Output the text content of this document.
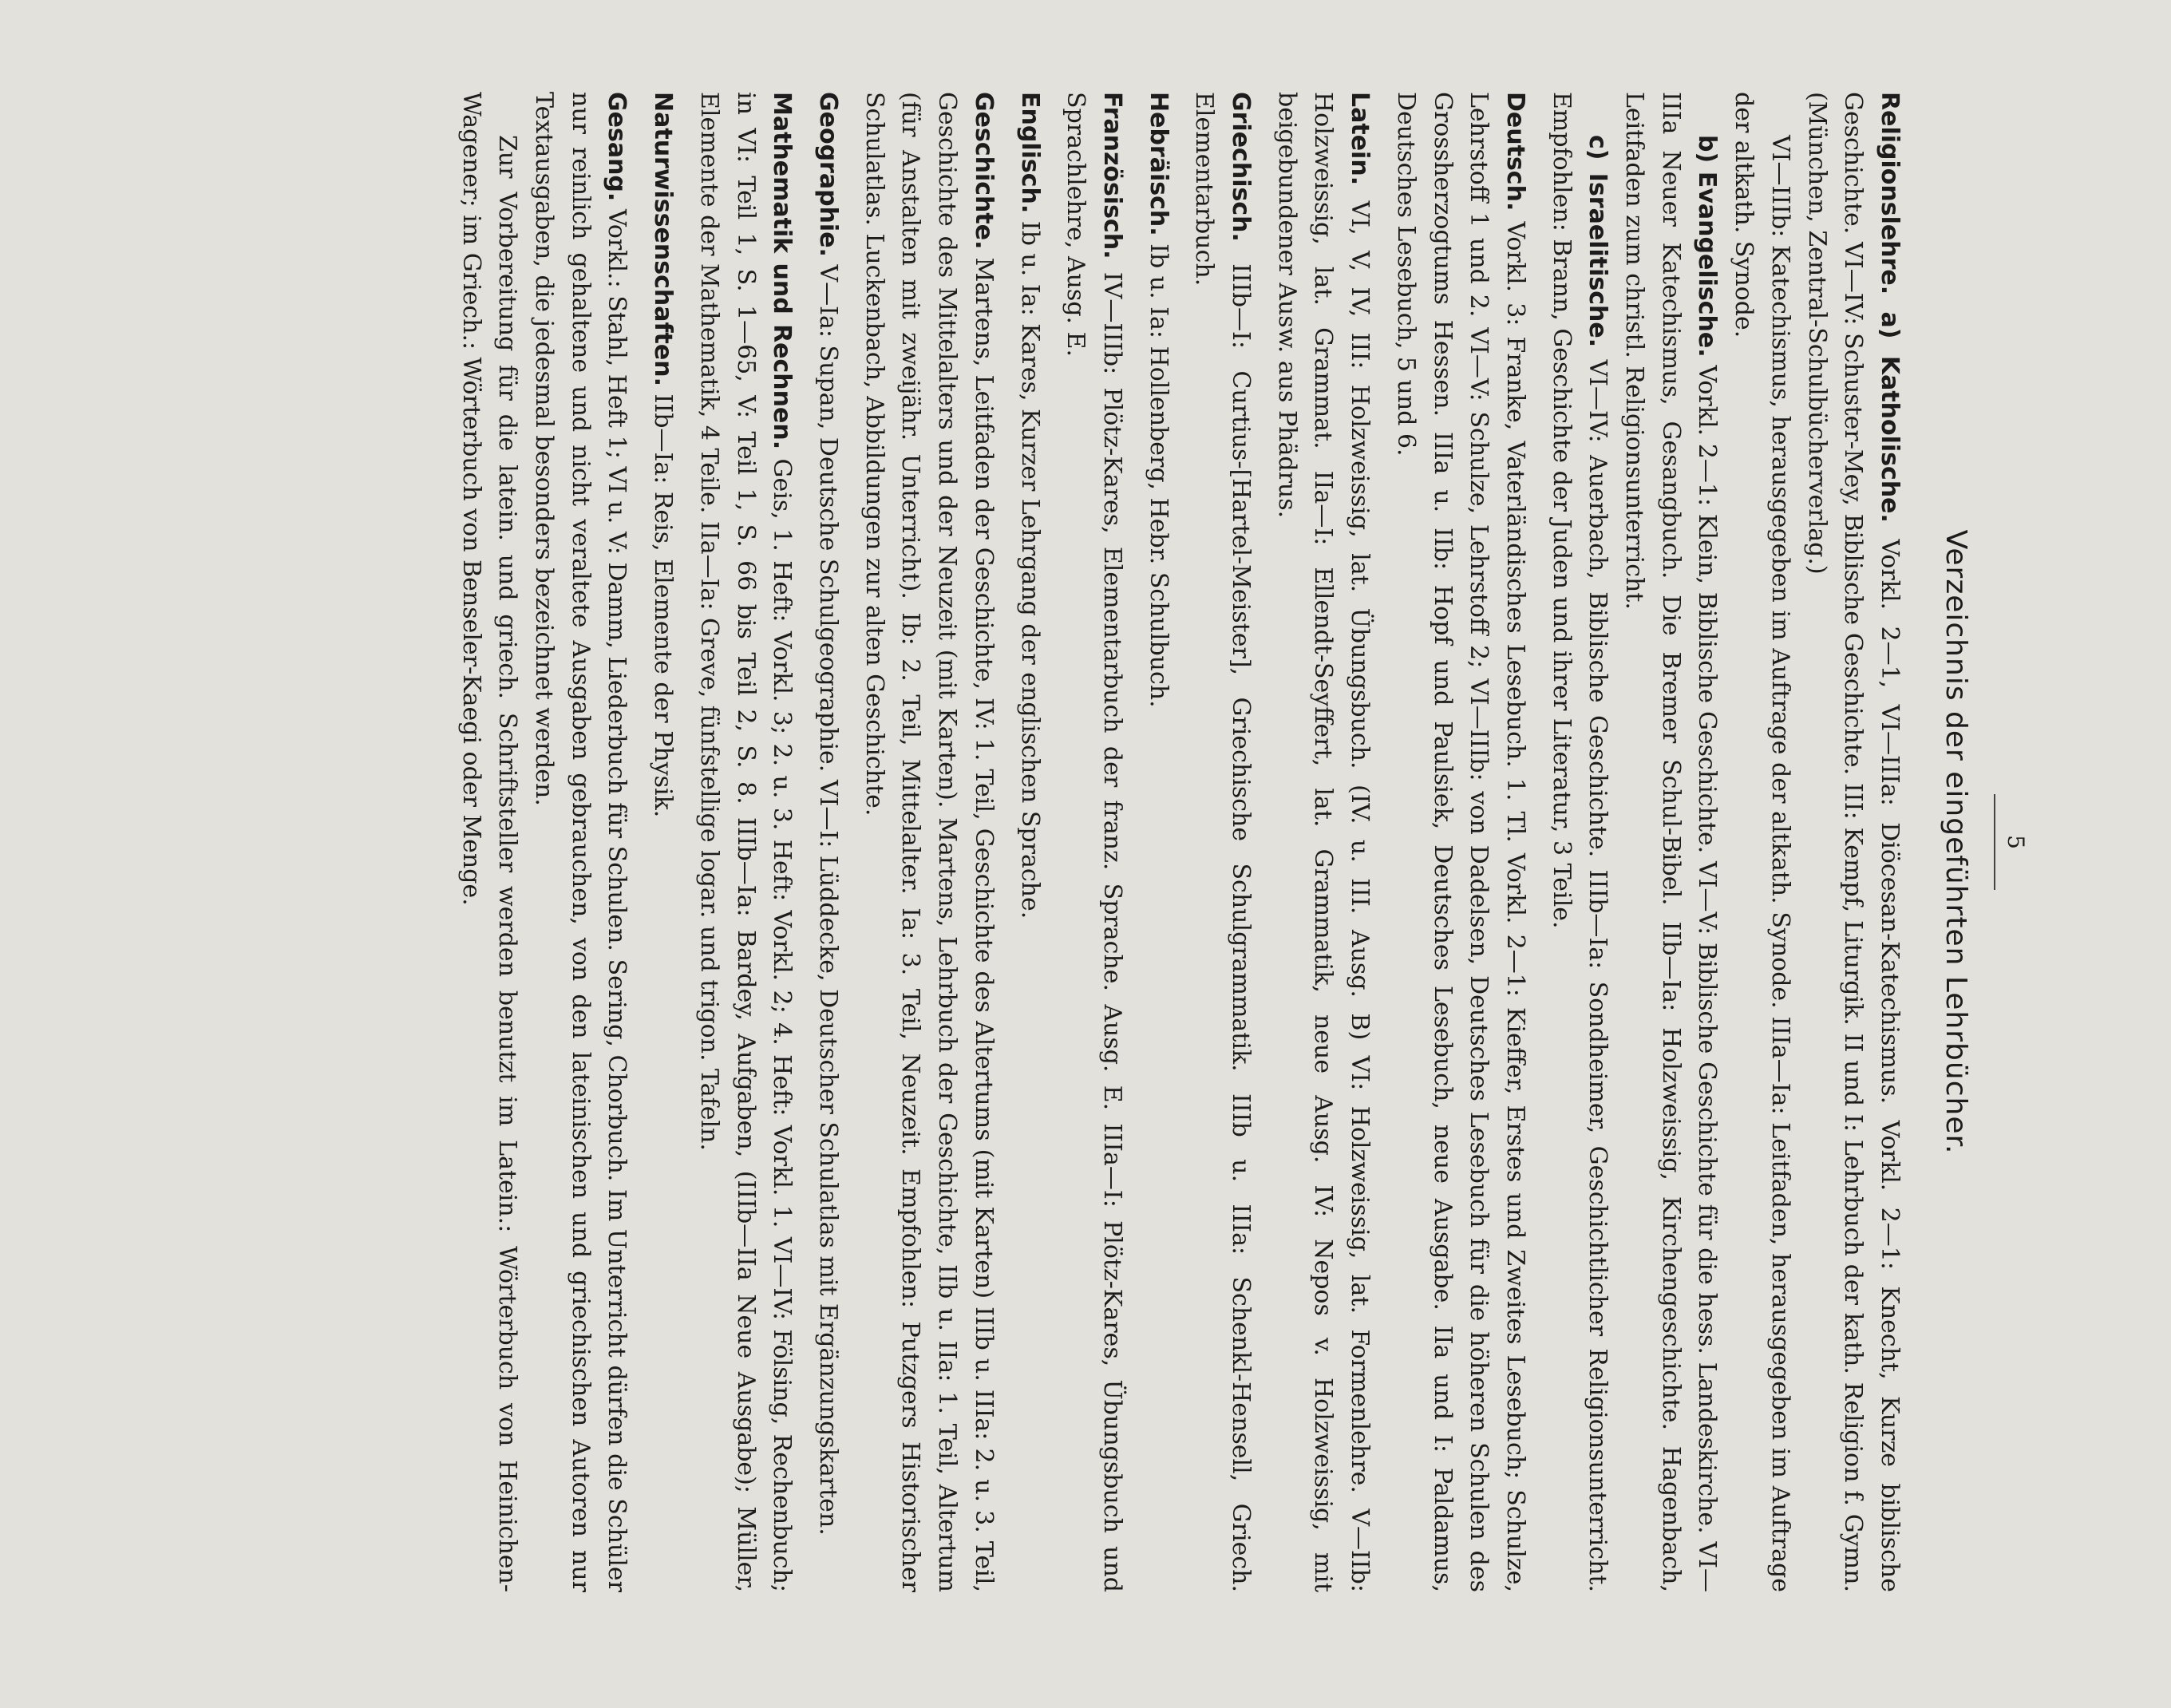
5
Verzeichnis der eingeführten Lehrbücher.

Religionslehre. a) Katholische. Vorkl. 2—1, VI—IIIa: Diöcesan-Katechismus. Vorkl. 2—1: Knecht, Kurze biblische Geschichte. VI—IV: Schuster-Mey, Biblische Geschichte. III: Kempf, Liturgik. II und I: Lehrbuch der kath. Religion f. Gymn. (München, Zentral-Schulbücherverlag.)

VI—IIIb: Katechismus, herausgegeben im Auftrage der altkath. Synode. IIIa—Ia: Leitfaden, herausgegeben im Auftrage der altkath. Synode.

b) Evangelische. Vorkl. 2—1: Klein, Biblische Geschichte. VI—V: Biblische Geschichte für die hess. Landeskirche. VI—IIIa Neuer Katechismus, Gesangbuch. Die Bremer Schul-Bibel. IIb—Ia: Holzweissig, Kirchengeschichte. Hagenbach, Leitfaden zum christl. Religionsunterricht.

c) Israelitische. VI—IV: Auerbach, Biblische Geschichte. IIIb—Ia: Sondheimer, Geschichtlicher Religionsunterricht. Empfohlen: Brann, Geschichte der Juden und ihrer Literatur, 3 Teile.

Deutsch. Vorkl. 3: Franke, Vaterländisches Lesebuch. 1. Tl. Vorkl. 2—1: Kieffer, Erstes und Zweites Lesebuch; Schulze, Lehrstoff 1 und 2. VI—V: Schulze, Lehrstoff 2; VI—IIIb: von Dadelsen, Deutsches Lesebuch für die höheren Schulen des Grossherzogtums Hessen. IIIa u. IIb: Hopf und Paulsiek, Deutsches Lesebuch, neue Ausgabe. IIa und I: Paldamus, Deutsches Lesebuch, 5 und 6.

Latein. VI, V, IV, III: Holzweissig, lat. Übungsbuch. (IV. u. III. Ausg. B) VI: Holzweissig, lat. Formenlehre. V—IIb: Holzweissig, lat. Grammat. IIa—I: Ellendt-Seyffert, lat. Grammatik, neue Ausg. IV: Nepos v. Holzweissig, mit beigebundener Ausw. aus Phädrus.

Griechisch. IIIb—I: Curtius-[Hartel-Meister], Griechische Schulgrammatik. IIIb u. IIIa: Schenkl-Hensell, Griech. Elementarbuch.

Hebräisch. Ib u. Ia: Hollenberg, Hebr. Schulbuch.

Französisch. IV—IIIb: Plötz-Kares, Elementarbuch der franz. Sprache. Ausg. E. IIIa—I: Plötz-Kares, Übungsbuch und Sprachlehre, Ausg. E.

Englisch. Ib u. Ia: Kares, Kurzer Lehrgang der englischen Sprache.

Geschichte. Martens, Leitfaden der Geschichte, IV: 1. Teil, Geschichte des Altertums (mit Karten) IIIb u. IIIa: 2. u. 3. Teil, Geschichte des Mittelalters und der Neuzeit (mit Karten). Martens, Lehrbuch der Geschichte, IIb u. IIa: 1. Teil, Altertum (für Anstalten mit zweijähr. Unterricht). Ib: 2. Teil, Mittelalter. Ia: 3. Teil, Neuzeit. Empfohlen: Putzgers Historischer Schulatlas. Luckenbach, Abbildungen zur alten Geschichte.

Geographie. V—Ia: Supan, Deutsche Schulgeographie. VI—I: Lüddecke, Deutscher Schulatlas mit Ergänzungskarten.

Mathematik und Rechnen. Geis, 1. Heft: Vorkl. 3; 2. u. 3. Heft: Vorkl. 2; 4. Heft: Vorkl. 1. VI—IV: Fölsing, Rechenbuch; in VI: Teil 1, S. 1—65, V: Teil 1, S. 66 bis Teil 2, S. 8. IIIb—Ia: Bardey, Aufgaben, (IIIb—IIa Neue Ausgabe); Müller, Elemente der Mathematik, 4 Teile. IIa—Ia: Greve, fünfstellige logar. und trigon. Tafeln.

Naturwissenschaften. IIb—Ia: Reis, Elemente der Physik.

Gesang. Vorkl.: Stahl, Heft 1; VI u. V: Damm, Liederbuch für Schulen. Sering, Chorbuch. Im Unterricht dürfen die Schüler nur reinlich gehaltene und nicht veraltete Ausgaben gebrauchen, von den lateinischen und griechischen Autoren nur Textausgaben, die jedesmal besonders bezeichnet werden.

Zur Vorbereitung für die latein. und griech. Schriftsteller werden benutzt im Latein.: Wörterbuch von Heinichen-Wagener; im Griech.: Wörterbuch von Benseler-Kaegi oder Menge.
